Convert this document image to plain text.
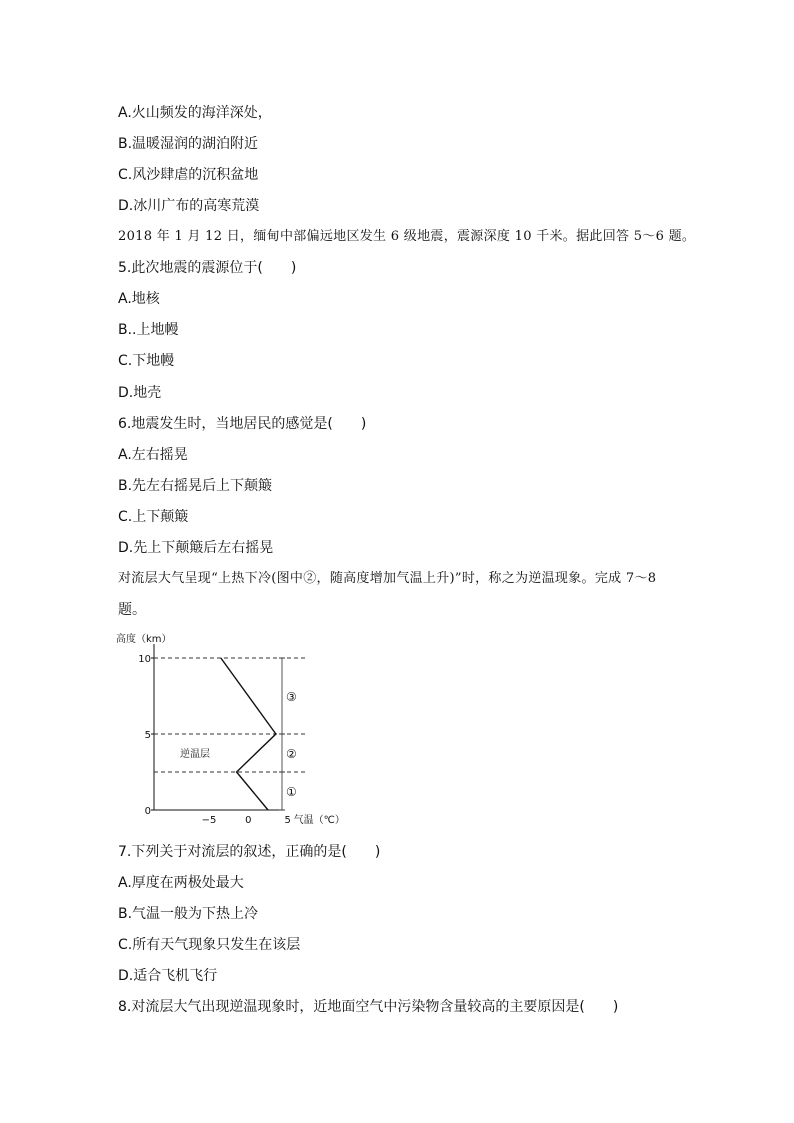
A.火山频发的海洋深处，
B.温暖湿润的湖泊附近
C.风沙肆虐的沉积盆地
D.冰川广布的高寒荒漠
2018 年 1 月 12 日，缅甸中部偏远地区发生 6 级地震，震源深度 10 千米。据此回答 5～6 题。
5.此次地震的震源位于(　　)
A.地核
B..上地幔
C.下地幔
D.地壳
6.地震发生时，当地居民的感觉是(　　)
A.左右摇晃
B.先左右摇晃后上下颠簸
C.上下颠簸
D.先上下颠簸后左右摇晃
对流层大气呈现“上热下冷(图中②，随高度增加气温上升)”时，称之为逆温现象。完成 7～8
题。
0
5
10
−5	0	5
高度（km）
气温（℃）
①
②
③
逆温层
7.下列关于对流层的叙述，正确的是(　　)
A.厚度在两极处最大
B.气温一般为下热上冷
C.所有天气现象只发生在该层
D.适合飞机飞行
8.对流层大气出现逆温现象时，近地面空气中污染物含量较高的主要原因是(　　)
